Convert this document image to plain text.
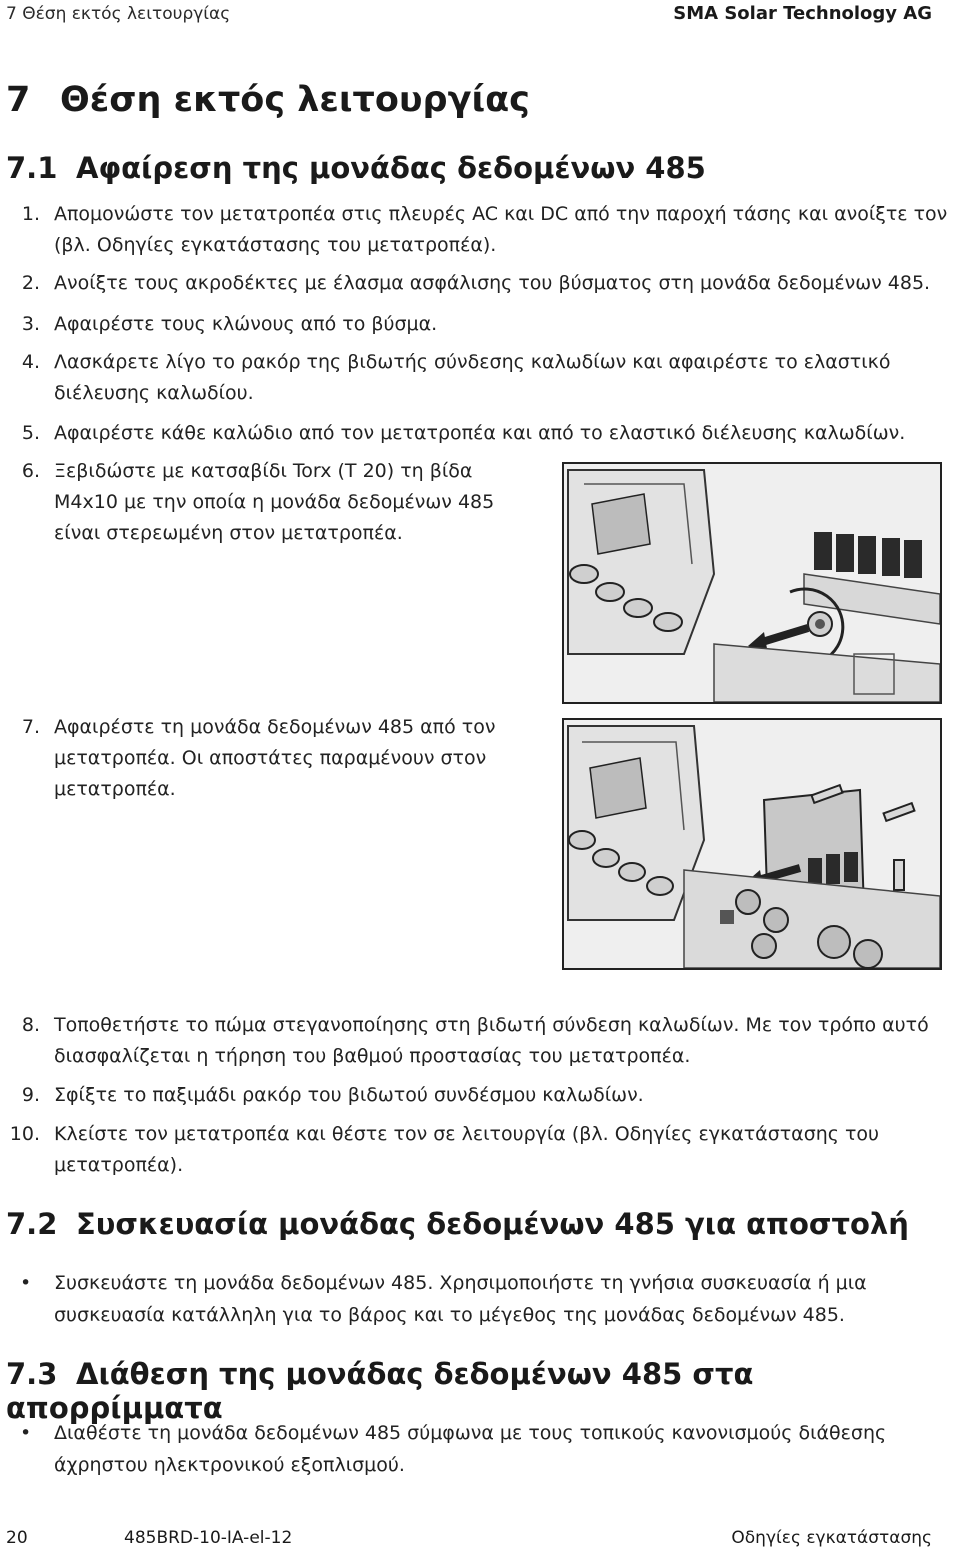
7 Θέση εκτός λειτουργίας	SMA Solar Technology AG
7 Θέση εκτός λειτουργίας
7.1 Αφαίρεση της μονάδας δεδομένων 485
1. Απομονώστε τον μετατροπέα στις πλευρές AC και DC από την παροχή τάσης και ανοίξτε τον
(βλ. Οδηγίες εγκατάστασης του μετατροπέα).
2. Ανοίξτε τους ακροδέκτες με έλασμα ασφάλισης του βύσματος στη μονάδα δεδομένων 485.
3. Αφαιρέστε τους κλώνους από το βύσμα.
4. Λασκάρετε λίγο το ρακόρ της βιδωτής σύνδεσης καλωδίων και αφαιρέστε το ελαστικό
διέλευσης καλωδίου.
5. Αφαιρέστε κάθε καλώδιο από τον μετατροπέα και από το ελαστικό διέλευσης καλωδίων.
6. Ξεβιδώστε με κατσαβίδι Torx (T 20) τη βίδα
M4x10 με την οποία η μονάδα δεδομένων 485
είναι στερεωμένη στον μετατροπέα.
7. Αφαιρέστε τη μονάδα δεδομένων 485 από τον
μετατροπέα. Οι αποστάτες παραμένουν στον
μετατροπέα.
8. Τοποθετήστε το πώμα στεγανοποίησης στη βιδωτή σύνδεση καλωδίων. Με τον τρόπο αυτό
διασφαλίζεται η τήρηση του βαθμού προστασίας του μετατροπέα.
9. Σφίξτε το παξιμάδι ρακόρ του βιδωτού συνδέσμου καλωδίων.
10. Κλείστε τον μετατροπέα και θέστε τον σε λειτουργία (βλ. Οδηγίες εγκατάστασης του
μετατροπέα).
7.2 Συσκευασία μονάδας δεδομένων 485 για αποστολή
• Συσκευάστε τη μονάδα δεδομένων 485. Χρησιμοποιήστε τη γνήσια συσκευασία ή μια
συσκευασία κατάλληλη για το βάρος και το μέγεθος της μονάδας δεδομένων 485.
7.3 Διάθεση της μονάδας δεδομένων 485 στα απορρίμματα
• Διαθέστε τη μονάδα δεδομένων 485 σύμφωνα με τους τοπικούς κανονισμούς διάθεσης
άχρηστου ηλεκτρονικού εξοπλισμού.
20	485BRD-10-IA-el-12	Οδηγίες εγκατάστασης
